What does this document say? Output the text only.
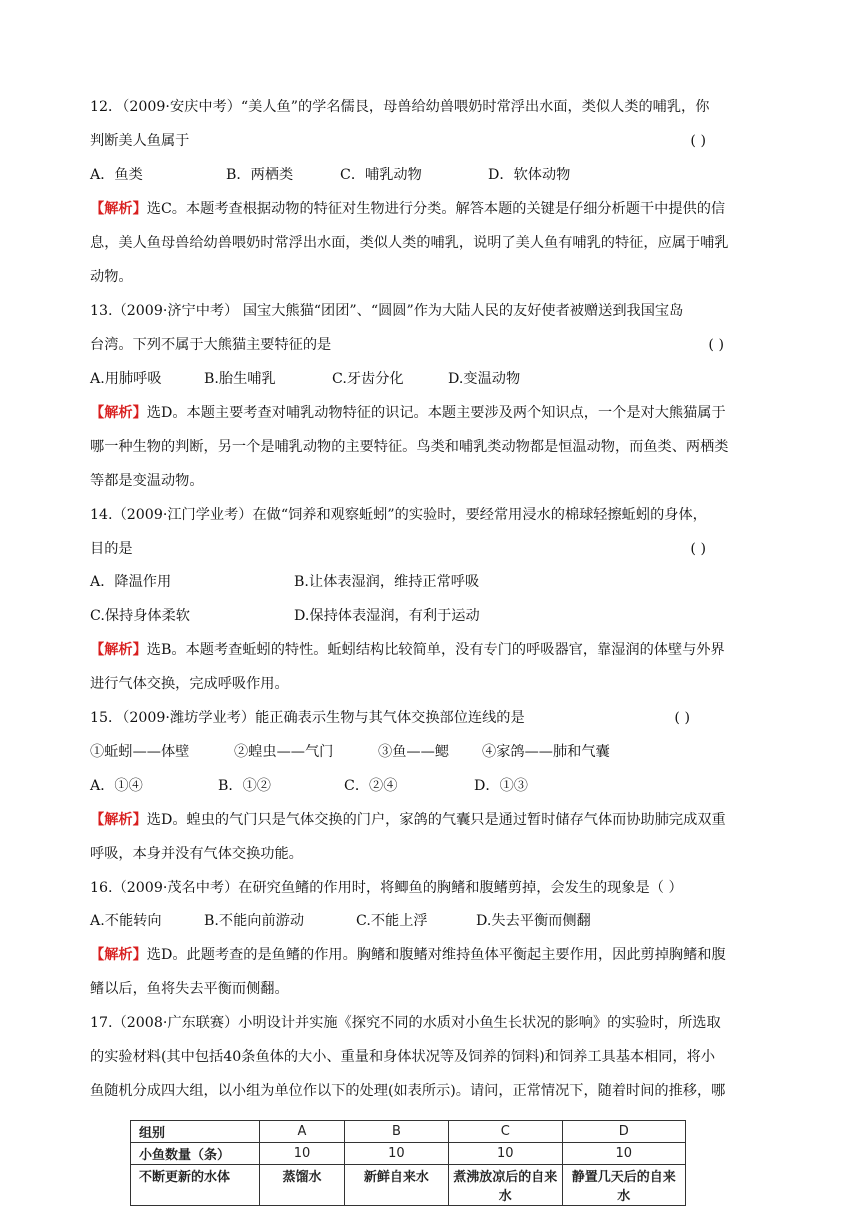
12．（2009·安庆中考）“美人鱼”的学名儒艮，母兽给幼兽喂奶时常浮出水面，类似人类的哺乳，你
判断美人鱼属于	( )
A．鱼类	B．两栖类	C．哺乳动物	D．软体动物
【解析】选C。本题考查根据动物的特征对生物进行分类。解答本题的关键是仔细分析题干中提供的信
息，美人鱼母兽给幼兽喂奶时常浮出水面，类似人类的哺乳，说明了美人鱼有哺乳的特征，应属于哺乳
动物。
13.（2009·济宁中考） 国宝大熊猫“团团”、“圆圆”作为大陆人民的友好使者被赠送到我国宝岛
台湾。下列不属于大熊猫主要特征的是	( )
A.用肺呼吸	B.胎生哺乳	C.牙齿分化	D.变温动物
【解析】选D。本题主要考查对哺乳动物特征的识记。本题主要涉及两个知识点，一个是对大熊猫属于
哪一种生物的判断，另一个是哺乳动物的主要特征。鸟类和哺乳类动物都是恒温动物，而鱼类、两栖类
等都是变温动物。
14.（2009·江门学业考）在做“饲养和观察蚯蚓”的实验时，要经常用浸水的棉球轻擦蚯蚓的身体，
目的是	( )
A．降温作用	B.让体表湿润，维持正常呼吸
C.保持身体柔软	D.保持体表湿润，有利于运动
【解析】选B。本题考查蚯蚓的特性。蚯蚓结构比较简单，没有专门的呼吸器官，靠湿润的体壁与外界
进行气体交换，完成呼吸作用。
15．（2009·潍坊学业考）能正确表示生物与其气体交换部位连线的是	( )
①蚯蚓——体壁	②蝗虫——气门	③鱼——鳃 ④家鸽——肺和气囊
A．①④	B．①②	C．②④	D．①③
【解析】选D。蝗虫的气门只是气体交换的门户，家鸽的气囊只是通过暂时储存气体而协助肺完成双重
呼吸，本身并没有气体交换功能。
16.（2009·茂名中考）在研究鱼鳍的作用时，将鲫鱼的胸鳍和腹鳍剪掉，会发生的现象是（ ）
A.不能转向	B.不能向前游动	C.不能上浮	D.失去平衡而侧翻
【解析】选D。此题考查的是鱼鳍的作用。胸鳍和腹鳍对维持鱼体平衡起主要作用，因此剪掉胸鳍和腹
鳍以后，鱼将失去平衡而侧翻。
17.（2008·广东联赛）小明设计并实施《探究不同的水质对小鱼生长状况的影响》的实验时，所选取
的实验材料(其中包括40条鱼体的大小、重量和身体状况等及饲养的饲料)和饲养工具基本相同，将小
鱼随机分成四大组，以小组为单位作以下的处理(如表所示)。请问，正常情况下，随着时间的推移，哪
组别	A	B	C	D
小鱼数量（条）	10	10	10	10
不断更新的水体	蒸馏水	新鲜自来水	煮沸放凉后的自来水	静置几天后的自来水
